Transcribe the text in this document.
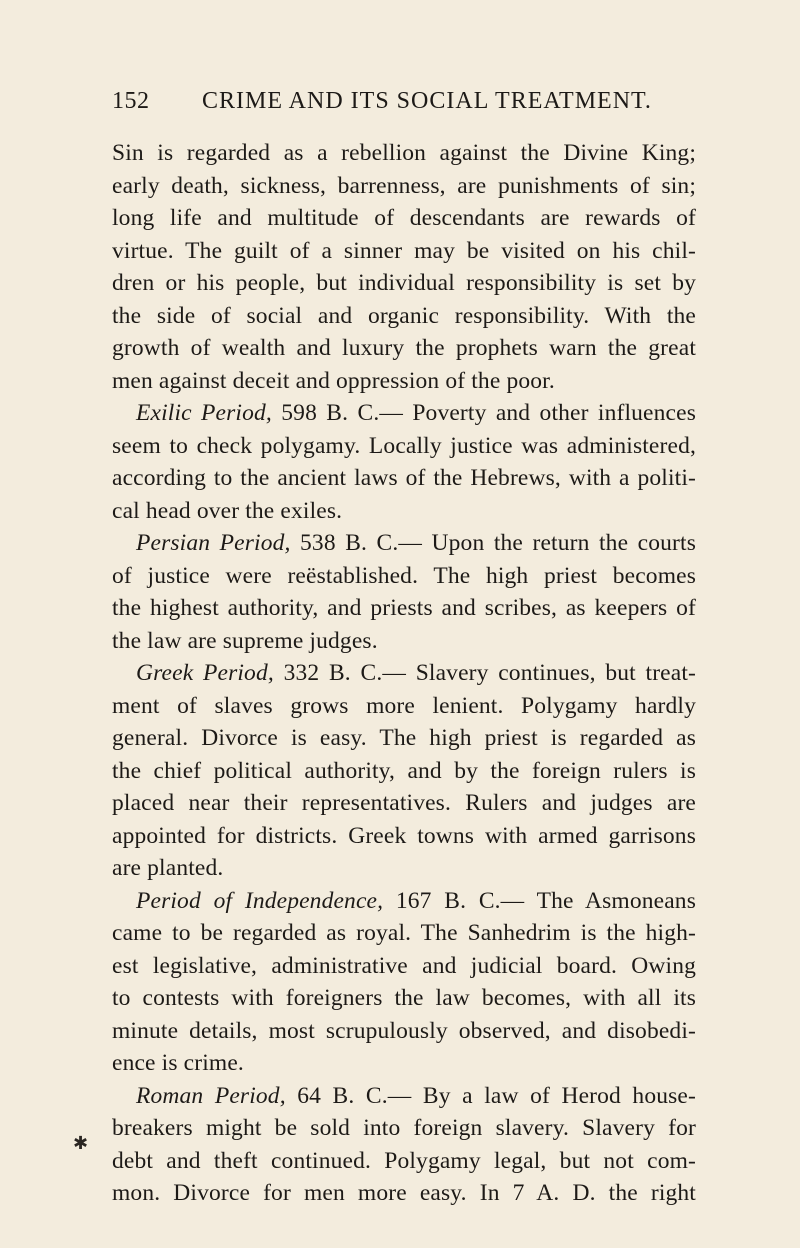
152 CRIME AND ITS SOCIAL TREATMENT.
✱
Sin is regarded as a rebellion against the Divine King;
early death, sickness, barrenness, are punishments of sin;
long life and multitude of descendants are rewards of
virtue. The guilt of a sinner may be visited on his chil-
dren or his people, but individual responsibility is set by
the side of social and organic responsibility. With the
growth of wealth and luxury the prophets warn the great
men against deceit and oppression of the poor.
Exilic Period, 598 B. C.— Poverty and other influences
seem to check polygamy. Locally justice was administered,
according to the ancient laws of the Hebrews, with a politi-
cal head over the exiles.
Persian Period, 538 B. C.— Upon the return the courts
of justice were reëstablished. The high priest becomes
the highest authority, and priests and scribes, as keepers of
the law are supreme judges.
Greek Period, 332 B. C.— Slavery continues, but treat-
ment of slaves grows more lenient. Polygamy hardly
general. Divorce is easy. The high priest is regarded as
the chief political authority, and by the foreign rulers is
placed near their representatives. Rulers and judges are
appointed for districts. Greek towns with armed garrisons
are planted.
Period of Independence, 167 B. C.— The Asmoneans
came to be regarded as royal. The Sanhedrim is the high-
est legislative, administrative and judicial board. Owing
to contests with foreigners the law becomes, with all its
minute details, most scrupulously observed, and disobedi-
ence is crime.
Roman Period, 64 B. C.— By a law of Herod house-
breakers might be sold into foreign slavery. Slavery for
debt and theft continued. Polygamy legal, but not com-
mon. Divorce for men more easy. In 7 A. D. the right
